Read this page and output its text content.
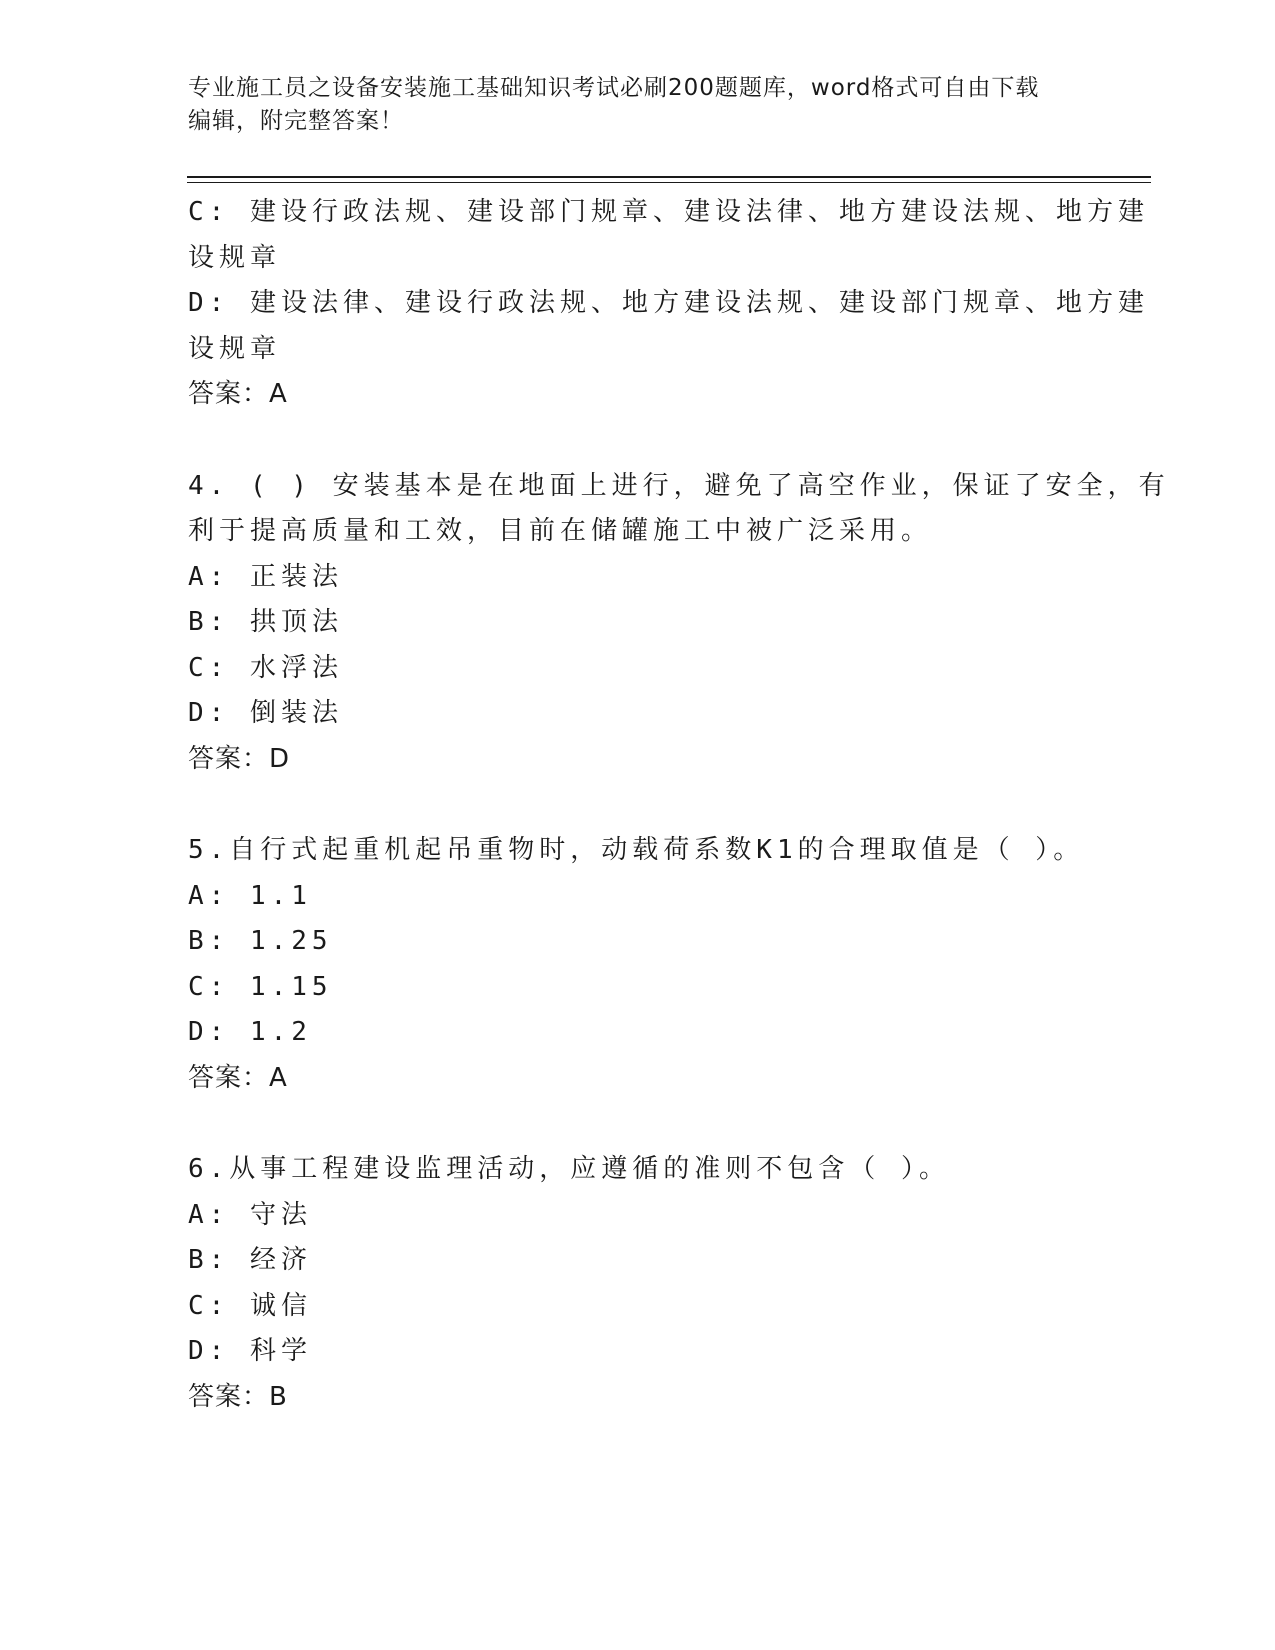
专业施工员之设备安装施工基础知识考试必刷200题题库，word格式可自由下载
编辑，附完整答案！

C: 建设行政法规、建设部门规章、建设法律、地方建设法规、地方建

设规章

D: 建设法律、建设行政法规、地方建设法规、建设部门规章、地方建

设规章

答案：A

4. ( ) 安装基本是在地面上进行，避免了高空作业，保证了安全，有

利于提高质量和工效，目前在储罐施工中被广泛采用。

A: 正装法

B: 拱顶法

C: 水浮法

D: 倒装法

答案：D

5.自行式起重机起吊重物时，动载荷系数K1的合理取值是（ ）。

A: 1.1

B: 1.25

C: 1.15

D: 1.2

答案：A

6.从事工程建设监理活动，应遵循的准则不包含（ ）。

A: 守法

B: 经济

C: 诚信

D: 科学

答案：B
